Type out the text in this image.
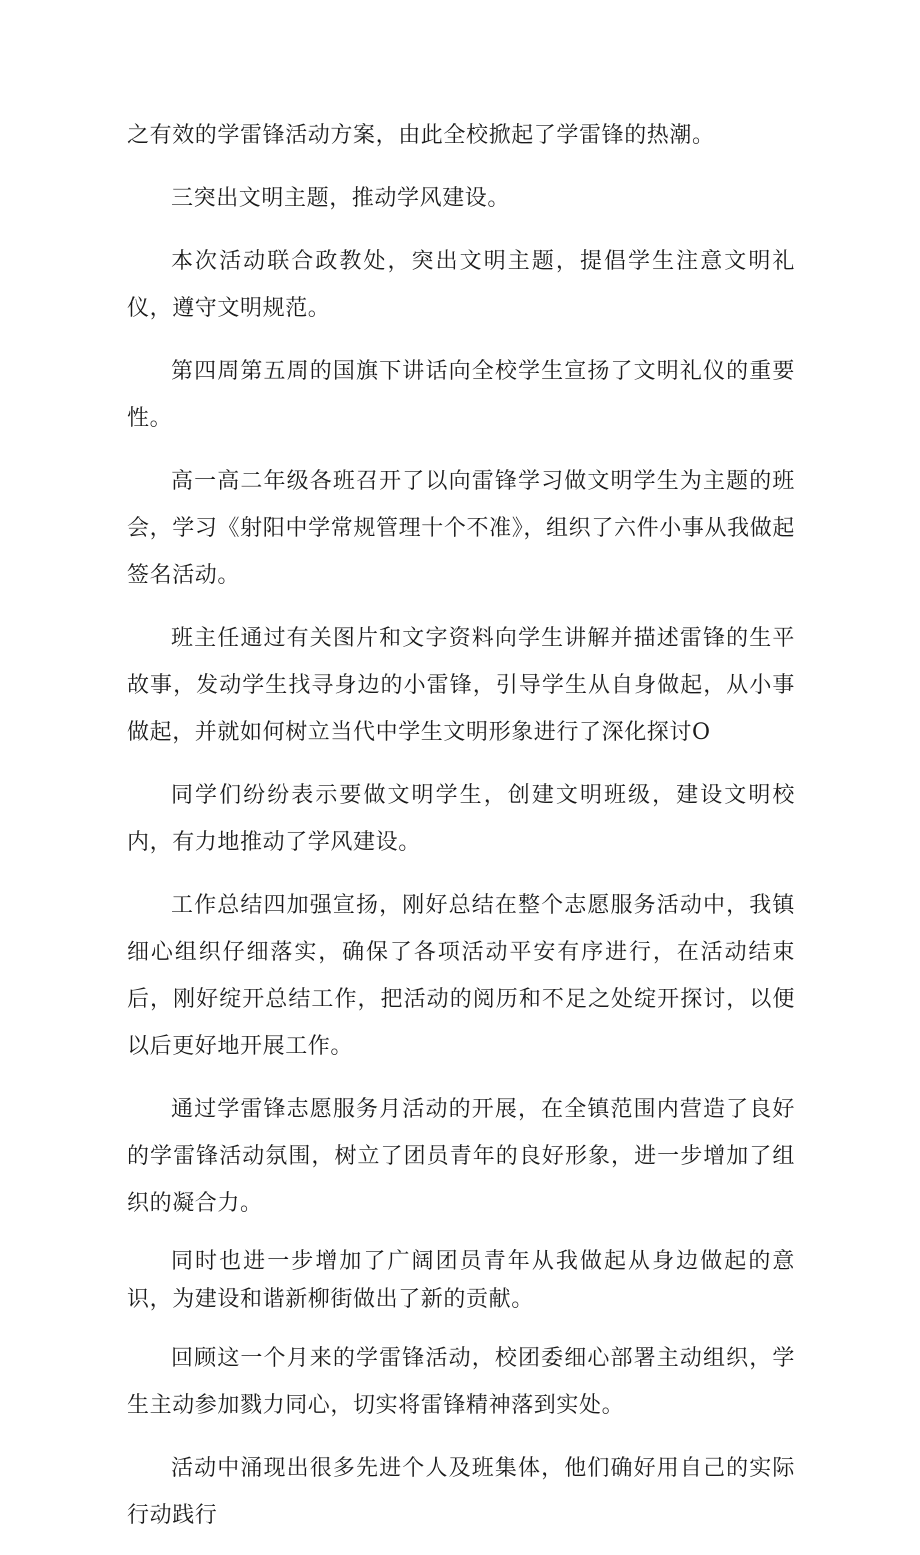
之有效的学雷锋活动方案，由此全校掀起了学雷锋的热潮。

三突出文明主题，推动学风建设。

本次活动联合政教处，突出文明主题，提倡学生注意文明礼仪，遵守文明规范。

第四周第五周的国旗下讲话向全校学生宣扬了文明礼仪的重要性。

高一高二年级各班召开了以向雷锋学习做文明学生为主题的班会，学习《射阳中学常规管理十个不准》，组织了六件小事从我做起签名活动。

班主任通过有关图片和文字资料向学生讲解并描述雷锋的生平故事，发动学生找寻身边的小雷锋，引导学生从自身做起，从小事做起，并就如何树立当代中学生文明形象进行了深化探讨O

同学们纷纷表示要做文明学生，创建文明班级，建设文明校内，有力地推动了学风建设。

工作总结四加强宣扬，刚好总结在整个志愿服务活动中，我镇细心组织仔细落实，确保了各项活动平安有序进行，在活动结束后，刚好绽开总结工作，把活动的阅历和不足之处绽开探讨，以便以后更好地开展工作。

通过学雷锋志愿服务月活动的开展，在全镇范围内营造了良好的学雷锋活动氛围，树立了团员青年的良好形象，进一步增加了组织的凝合力。

同时也进一步增加了广阔团员青年从我做起从身边做起的意识，为建设和谐新柳街做出了新的贡献。

回顾这一个月来的学雷锋活动，校团委细心部署主动组织，学生主动参加戮力同心，切实将雷锋精神落到实处。

活动中涌现出很多先进个人及班集体，他们确好用自己的实际行动践行
